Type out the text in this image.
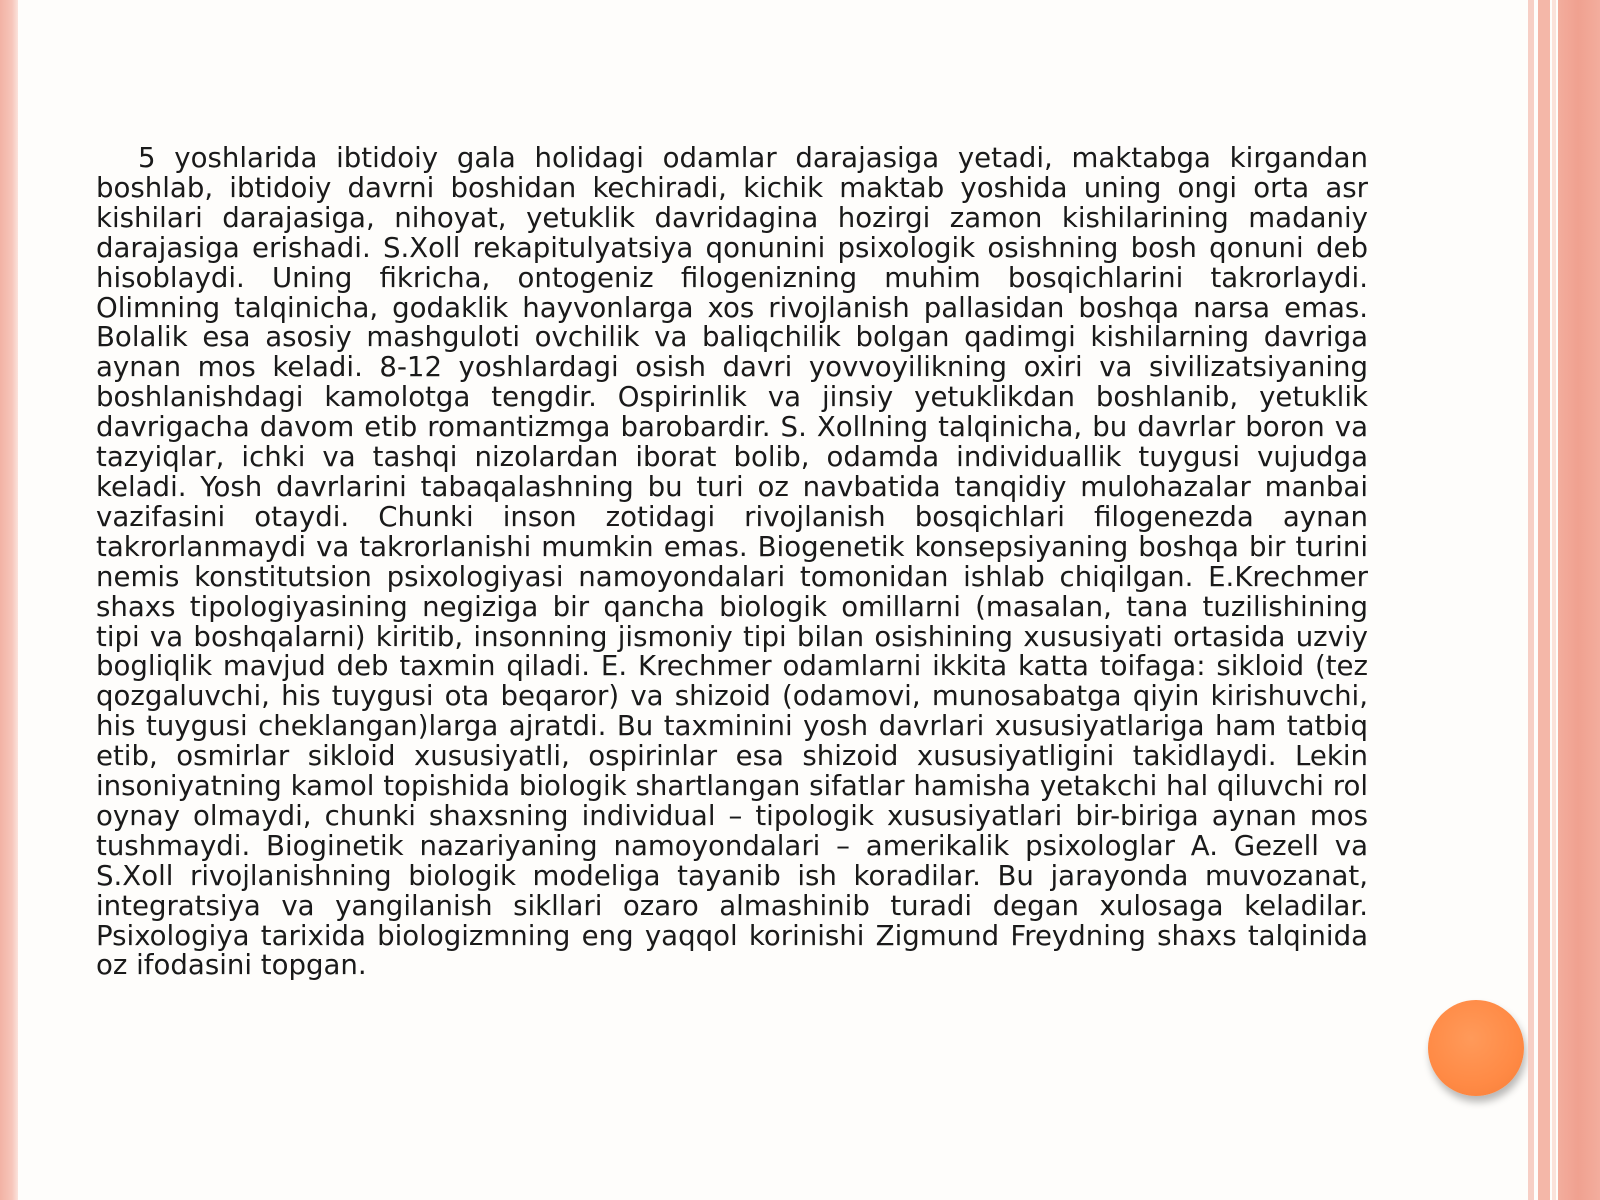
5 yoshlarida ibtidoiy gala holidagi odamlar darajasiga yetadi, maktabga kirgandan boshlab, ibtidoiy davrni boshidan kechiradi, kichik maktab yoshida uning ongi orta asr kishilari darajasiga, nihoyat, yetuklik davridagina hozirgi zamon kishilarining madaniy darajasiga erishadi. S.Xoll rekapitulyatsiya qonunini psixologik osishning bosh qonuni deb hisoblaydi. Uning fikricha, ontogeniz filogenizning muhim bosqichlarini takrorlaydi. Olimning talqinicha, godaklik hayvonlarga xos rivojlanish pallasidan boshqa narsa emas. Bolalik esa asosiy mashguloti ovchilik va baliqchilik bolgan qadimgi kishilarning davriga aynan mos keladi. 8-12 yoshlardagi osish davri yovvoyilikning oxiri va sivilizatsiyaning boshlanishdagi kamolotga tengdir. Ospirinlik va jinsiy yetuklikdan boshlanib, yetuklik davrigacha davom etib romantizmga barobardir. S. Xollning talqinicha, bu davrlar boron va tazyiqlar, ichki va tashqi nizolardan iborat bolib, odamda individuallik tuygusi vujudga keladi. Yosh davrlarini tabaqalashning bu turi oz navbatida tanqidiy mulohazalar manbai vazifasini otaydi. Chunki inson zotidagi rivojlanish bosqichlari filogenezda aynan takrorlanmaydi va takrorlanishi mumkin emas. Biogenetik konsepsiyaning boshqa bir turini nemis konstitutsion psixologiyasi namoyondalari tomonidan ishlab chiqilgan. E.Krechmer shaxs tipologiyasining negiziga bir qancha biologik omillarni (masalan, tana tuzilishining tipi va boshqalarni) kiritib, insonning jismoniy tipi bilan osishining xususiyati ortasida uzviy bogliqlik mavjud deb taxmin qiladi. E. Krechmer odamlarni ikkita katta toifaga: sikloid (tez qozgaluvchi, his tuygusi ota beqaror) va shizoid (odamovi, munosabatga qiyin kirishuvchi, his tuygusi cheklangan)larga ajratdi. Bu taxminini yosh davrlari xususiyatlariga ham tatbiq etib, osmirlar sikloid xususiyatli, ospirinlar esa shizoid xususiyatligini takidlaydi. Lekin insoniyatning kamol topishida biologik shartlangan sifatlar hamisha yetakchi hal qiluvchi rol oynay olmaydi, chunki shaxsning individual – tipologik xususiyatlari bir-biriga aynan mos tushmaydi. Bioginetik nazariyaning namoyondalari – amerikalik psixologlar A. Gezell va S.Xoll rivojlanishning biologik modeliga tayanib ish koradilar. Bu jarayonda muvozanat, integratsiya va yangilanish sikllari ozaro almashinib turadi degan xulosaga keladilar. Psixologiya tarixida biologizmning eng yaqqol korinishi Zigmund Freydning shaxs talqinida oz ifodasini topgan.
